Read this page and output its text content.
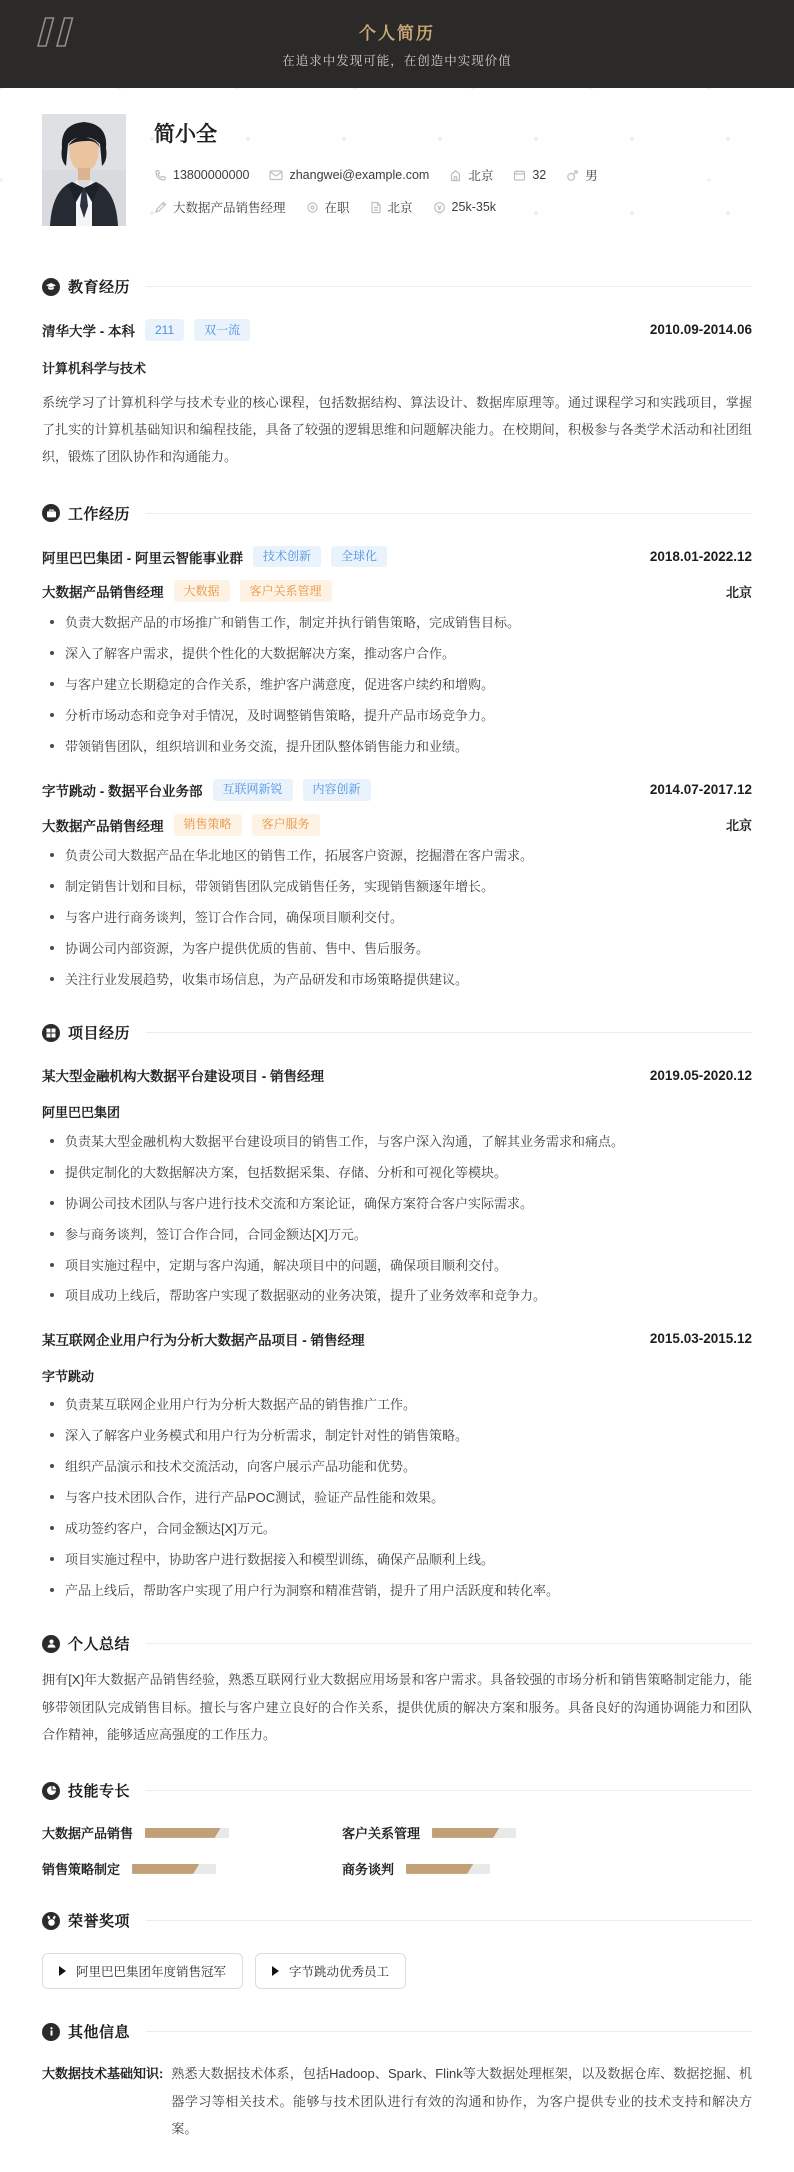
个人简历
在追求中发现可能，在创造中实现价值
简小全
13800000000	zhangwei@example.com	北京	32	男
大数据产品销售经理	在职	北京	25k-35k
教育经历
清华大学 - 本科	211	双一流	2010.09-2014.06
计算机科学与技术

系统学习了计算机科学与技术专业的核心课程，包括数据结构、算法设计、数据库原理等。通过课程学习和实践项目，掌握了扎实的计算机基础知识和编程技能，具备了较强的逻辑思维和问题解决能力。在校期间，积极参与各类学术活动和社团组织，锻炼了团队协作和沟通能力。

工作经历
阿里巴巴集团 - 阿里云智能事业群	技术创新	全球化	2018.01-2022.12
大数据产品销售经理	大数据	客户关系管理	北京
负责大数据产品的市场推广和销售工作，制定并执行销售策略，完成销售目标。
深入了解客户需求，提供个性化的大数据解决方案，推动客户合作。
与客户建立长期稳定的合作关系，维护客户满意度，促进客户续约和增购。
分析市场动态和竞争对手情况，及时调整销售策略，提升产品市场竞争力。
带领销售团队，组织培训和业务交流，提升团队整体销售能力和业绩。
字节跳动 - 数据平台业务部	互联网新锐	内容创新	2014.07-2017.12
大数据产品销售经理	销售策略	客户服务	北京
负责公司大数据产品在华北地区的销售工作，拓展客户资源，挖掘潜在客户需求。
制定销售计划和目标，带领销售团队完成销售任务，实现销售额逐年增长。
与客户进行商务谈判，签订合作合同，确保项目顺利交付。
协调公司内部资源，为客户提供优质的售前、售中、售后服务。
关注行业发展趋势，收集市场信息，为产品研发和市场策略提供建议。
项目经历
某大型金融机构大数据平台建设项目 - 销售经理	2019.05-2020.12
阿里巴巴集团
负责某大型金融机构大数据平台建设项目的销售工作，与客户深入沟通，了解其业务需求和痛点。
提供定制化的大数据解决方案，包括数据采集、存储、分析和可视化等模块。
协调公司技术团队与客户进行技术交流和方案论证，确保方案符合客户实际需求。
参与商务谈判，签订合作合同，合同金额达[X]万元。
项目实施过程中，定期与客户沟通，解决项目中的问题，确保项目顺利交付。
项目成功上线后，帮助客户实现了数据驱动的业务决策，提升了业务效率和竞争力。
某互联网企业用户行为分析大数据产品项目 - 销售经理	2015.03-2015.12
字节跳动
负责某互联网企业用户行为分析大数据产品的销售推广工作。
深入了解客户业务模式和用户行为分析需求，制定针对性的销售策略。
组织产品演示和技术交流活动，向客户展示产品功能和优势。
与客户技术团队合作，进行产品POC测试，验证产品性能和效果。
成功签约客户，合同金额达[X]万元。
项目实施过程中，协助客户进行数据接入和模型训练，确保产品顺利上线。
产品上线后，帮助客户实现了用户行为洞察和精准营销，提升了用户活跃度和转化率。
个人总结

拥有[X]年大数据产品销售经验，熟悉互联网行业大数据应用场景和客户需求。具备较强的市场分析和销售策略制定能力，能够带领团队完成销售目标。擅长与客户建立良好的合作关系，提供优质的解决方案和服务。具备良好的沟通协调能力和团队合作精神，能够适应高强度的工作压力。

技能专长
大数据产品销售	客户关系管理
销售策略制定	商务谈判
荣誉奖项
阿里巴巴集团年度销售冠军	字节跳动优秀员工
其他信息
大数据技术基础知识: 熟悉大数据技术体系，包括Hadoop、Spark、Flink等大数据处理框架，以及数据仓库、数据挖掘、机器学习等相关技术。能够与技术团队进行有效的沟通和协作，为客户提供专业的技术支持和解决方案。
